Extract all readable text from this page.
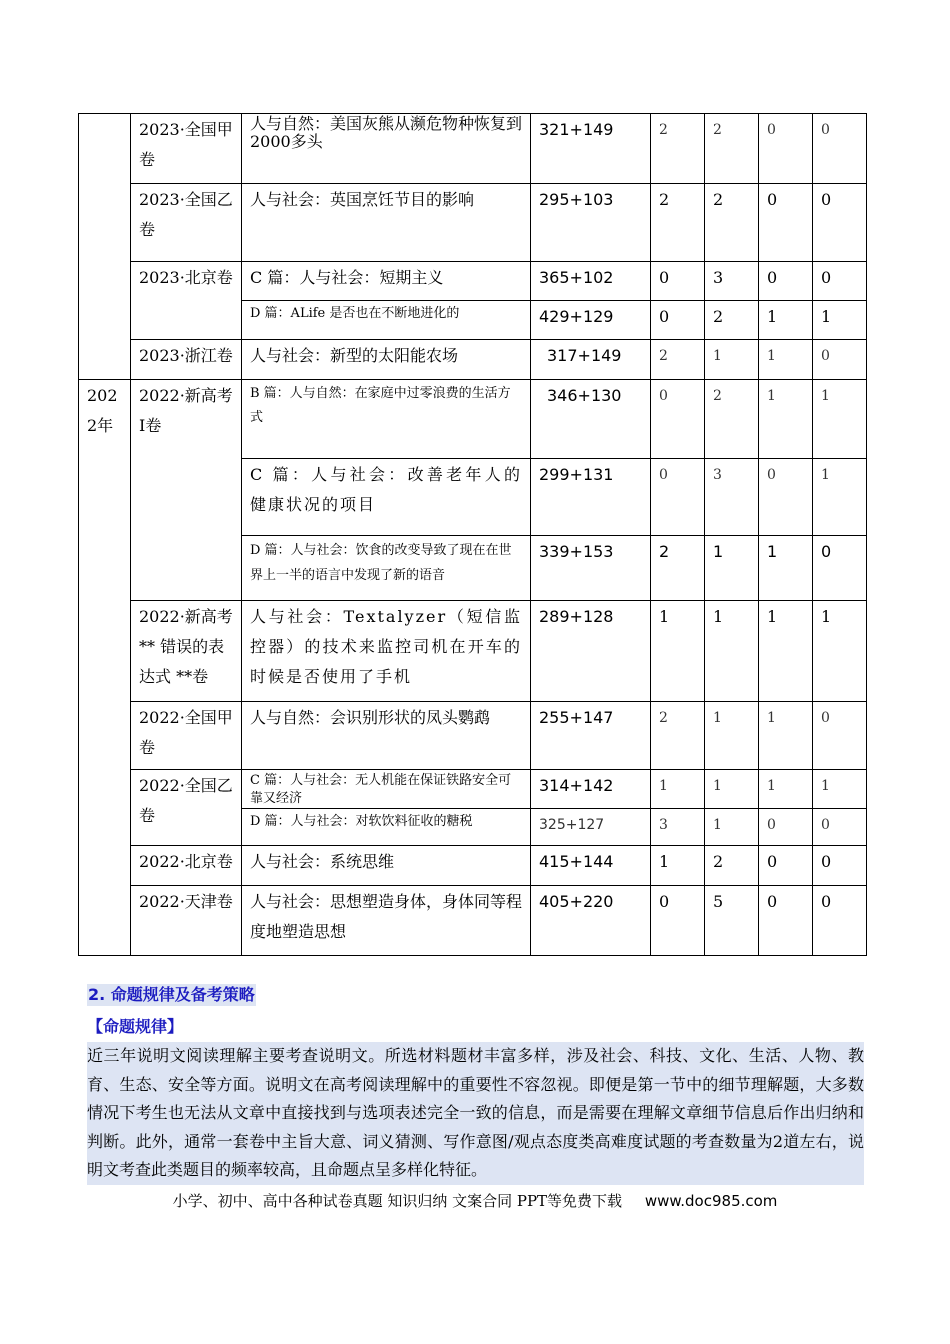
	2023·全国甲卷	人与自然：美国灰熊从濒危物种恢复到2000多头	321+149	2	2	0	0
	2023·全国乙卷	人与社会：英国烹饪节目的影响	295+103	2	2	0	0
	2023·北京卷	C 篇：人与社会：短期主义	365+102	0	3	0	0
		D 篇：ALife 是否也在不断地进化的	429+129	0	2	1	1
	2023·浙江卷	人与社会：新型的太阳能农场	317+149	2	1	1	0
2022年	2022·新高考I卷	B 篇：人与自然：在家庭中过零浪费的生活方式	346+130	0	2	1	1
		C 篇：人与社会：改善老年人的健康状况的项目	299+131	0	3	0	1
		D 篇：人与社会：饮食的改变导致了现在在世界上一半的语言中发现了新的语音	339+153	2	1	1	0
	2022·新高考** 错误的表达式 **卷	人与社会：Textalyzer（短信监控器）的技术来监控司机在开车的时候是否使用了手机	289+128	1	1	1	1
	2022·全国甲卷	人与自然：会识别形状的凤头鹦鹉	255+147	2	1	1	0
	2022·全国乙卷	C 篇：人与社会：无人机能在保证铁路安全可靠又经济	314+142	1	1	1	1
		D 篇：人与社会：对软饮料征收的糖税	325+127	3	1	0	0
	2022·北京卷	人与社会：系统思维	415+144	1	2	0	0
	2022·天津卷	人与社会：思想塑造身体，身体同等程度地塑造思想	405+220	0	5	0	0
2. 命题规律及备考策略
【命题规律】

近三年说明文阅读理解主要考查说明文。所选材料题材丰富多样，涉及社会、科技、文化、生活、人物、教育、生态、安全等方面。说明文在高考阅读理解中的重要性不容忽视。即便是第一节中的细节理解题，大多数情况下考生也无法从文章中直接找到与选项表述完全一致的信息，而是需要在理解文章细节信息后作出归纳和判断。此外，通常一套卷中主旨大意、词义猜测、写作意图/观点态度类高难度试题的考查数量为2道左右，说明文考查此类题目的频率较高，且命题点呈多样化特征。

小学、初中、高中各种试卷真题 知识归纳 文案合同 PPT等免费下载 www.doc985.com
